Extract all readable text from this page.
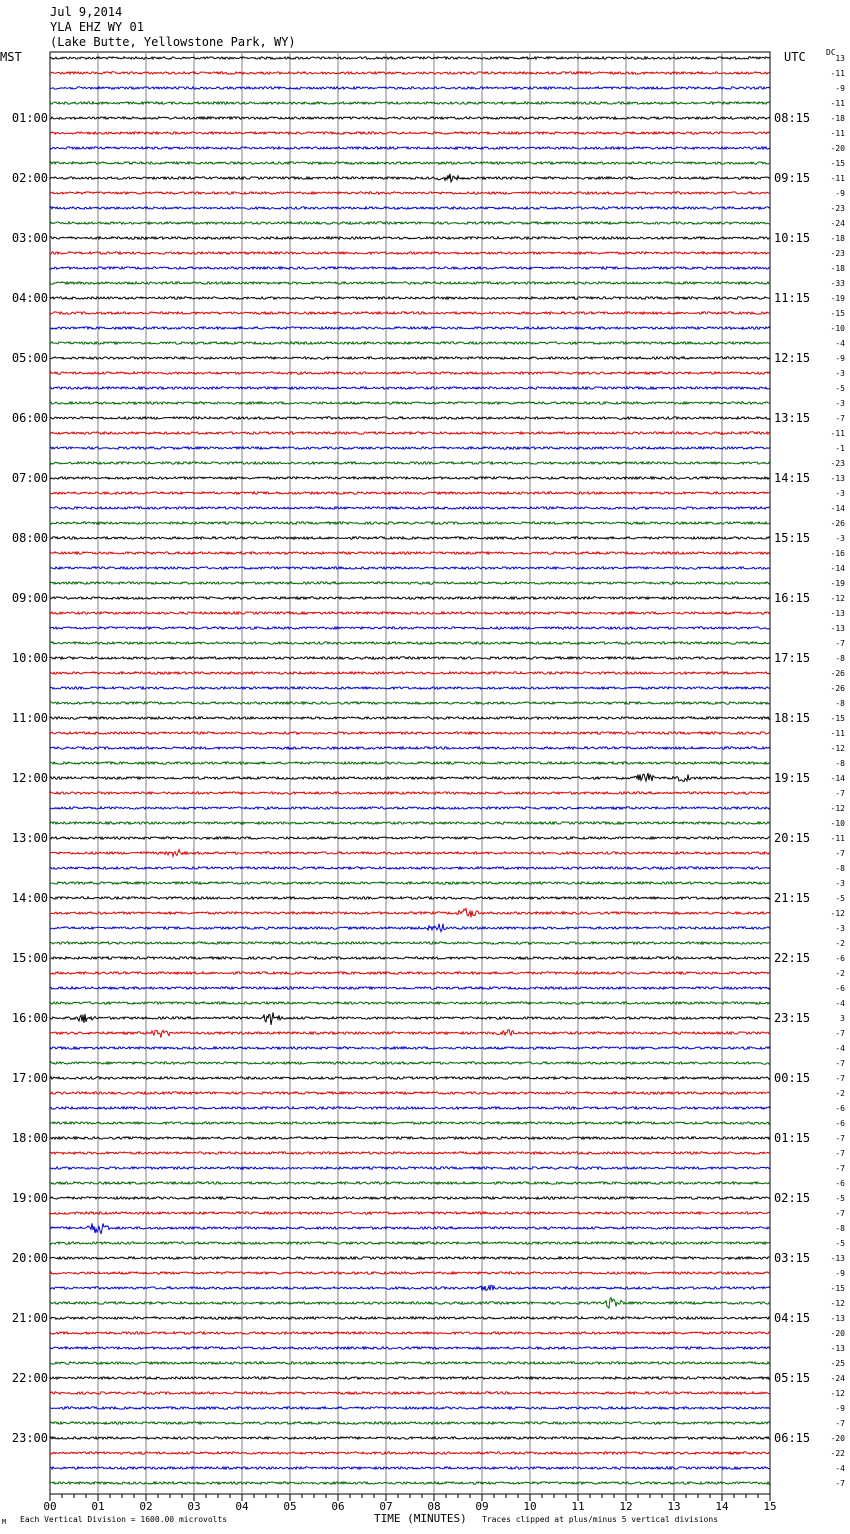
Jul 9,2014
YLA EHZ WY 01
(Lake Butte, Yellowstone Park, WY)
MST	UTC	DC
13
-11
-9
-11
-18
-11
-20
-15
-11
-9
-23
-24
-18
-23
-18
-33
-19
-15
-10
-4
-9
-3
-5
-3
-7
-11
-1
-23
-13
-3
-14
-26
-3
-16
-14
-19
-12
-13
-13
-7
-8
-26
-26
-8
-15
-11
-12
-8
-14
-7
-12
-10
-11
-7
-8
-3
-5
-12
-3
-2
-6
-2
-6
-4
3
-7
-4
-7
-7
-2
-6
-6
-7
-7
-7
-6
-5
-7
-8
-5
-13
-9
-15
-12
-13
-20
-13
-25
-24
-12
-9
-7
-20
-22
-4
-7
01:00
02:00
03:00
04:00
05:00
06:00
07:00
08:00
09:00
10:00
11:00
12:00
13:00
14:00
15:00
16:00
17:00
18:00
19:00
20:00
21:00
22:00
23:00
08:15
09:15
10:15
11:15
12:15
13:15
14:15
15:15
16:15
17:15
18:15
19:15
20:15
21:15
22:15
23:15
00:15
01:15
02:15
03:15
04:15
05:15
06:15
00	01	02	03	04	05	06	07	08	09	10	11	12	13	14	15
TIME (MINUTES)
M Each Vertical Division = 1600.00 microvolts	Traces clipped at plus/minus 5 vertical divisions
